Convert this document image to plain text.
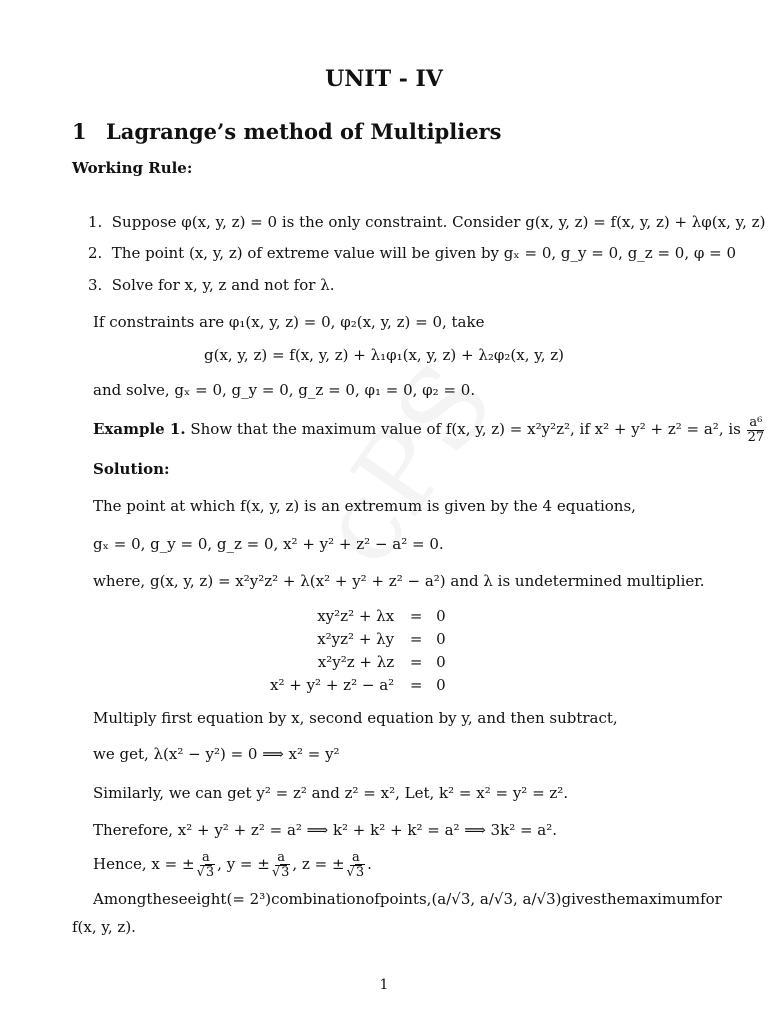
UNIT - IV
1 Lagrange’s method of Multipliers
Working Rule:
1. Suppose φ(x, y, z) = 0 is the only constraint. Consider g(x, y, z) = f(x, y, z) + λφ(x, y, z)
2. The point (x, y, z) of extreme value will be given by gₓ = 0, g_y = 0, g_z = 0, φ = 0
3. Solve for x, y, z and not for λ.
If constraints are φ₁(x, y, z) = 0, φ₂(x, y, z) = 0, take
g(x, y, z) = f(x, y, z) + λ₁φ₁(x, y, z) + λ₂φ₂(x, y, z)
and solve, gₓ = 0, g_y = 0, g_z = 0, φ₁ = 0, φ₂ = 0.
Example 1. Show that the maximum value of f(x, y, z) = x²y²z², if x² + y² + z² = a², is $\frac{\text{a⁶}}{27}$
Solution:
The point at which f(x, y, z) is an extremum is given by the 4 equations,
gₓ = 0, g_y = 0, g_z = 0, x² + y² + z² − a² = 0.
where, g(x, y, z) = x²y²z² + λ(x² + y² + z² − a²) and λ is undetermined multiplier.
xy²z² + λx	=	0
x²yz² + λy	=	0
x²y²z + λz	=	0
x² + y² + z² − a²	=	0
Multiply first equation by x, second equation by y, and then subtract,
we get, λ(x² − y²) = 0 ⟹ x² = y²
Similarly, we can get y² = z² and z² = x², Let, k² = x² = y² = z².
Therefore, x² + y² + z² = a² ⟹ k² + k² + k² = a² ⟹ 3k² = a².
Hence, x = ± $\frac{a}{√3}$ , y = ± $\frac{a}{√3}$ , z = ± $\frac{a}{√3}$ .
Among these eight(= 2³) combination of points, (a/√3, a/√3, a/√3) gives the maximum for
f(x, y, z).
1
